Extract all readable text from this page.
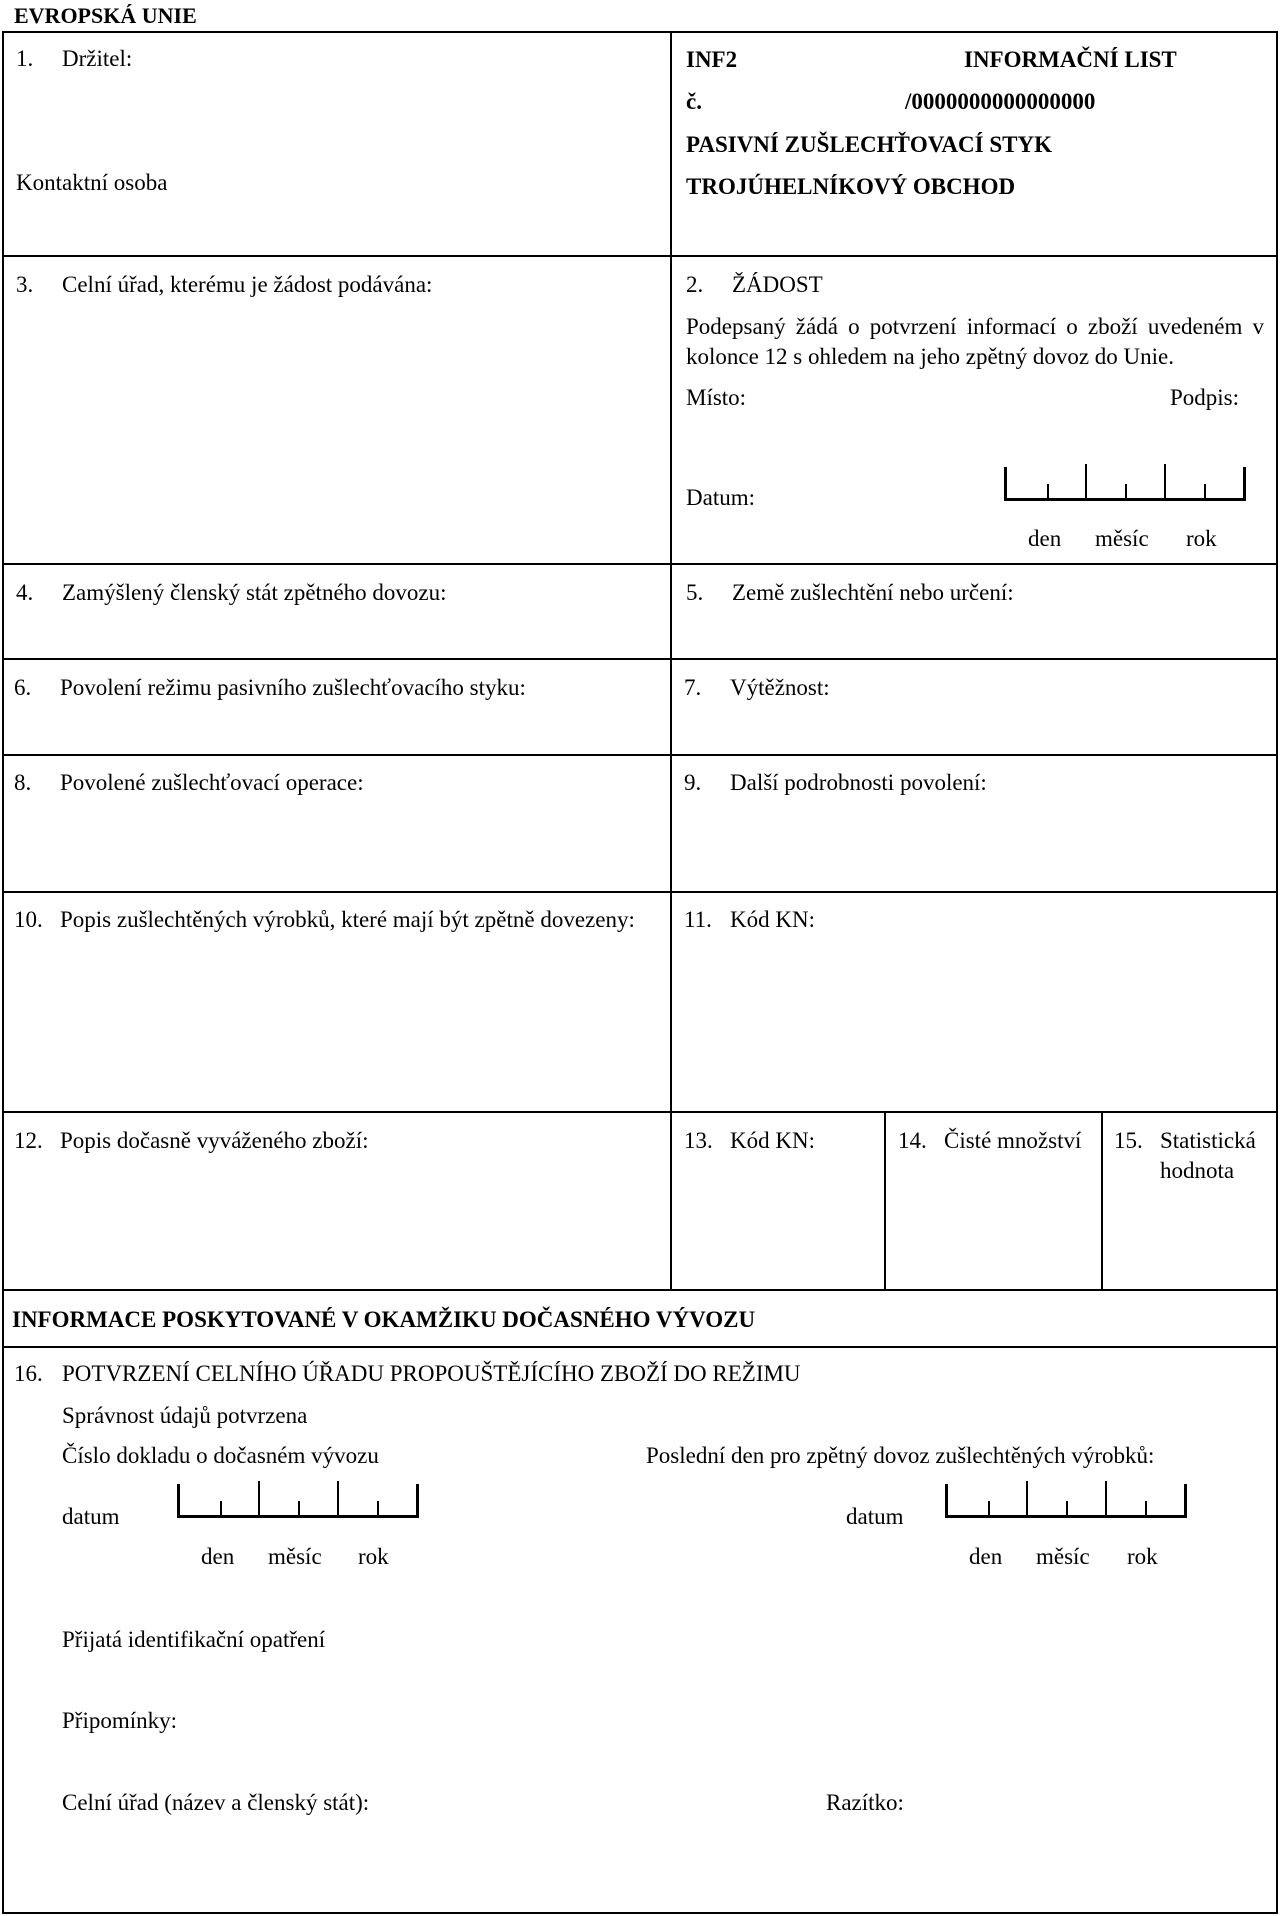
EVROPSKÁ UNIE
1. Držitel:
Kontaktní osoba
INF2	INFORMAČNÍ LIST
č.	/0000000000000000
PASIVNÍ ZUŠLECHŤOVACÍ STYK
TROJÚHELNÍKOVÝ OBCHOD
3. Celní úřad, kterému je žádost podávána:	2. ŽÁDOST
Podepsaný žádá o potvrzení informací o zboží uvedeném v kolonce 12 s ohledem na jeho zpětný dovoz do Unie.
Místo:	Podpis:
Datum:
den měsíc rok
4. Zamýšlený členský stát zpětného dovozu:	5. Země zušlechtění nebo určení:
6. Povolení režimu pasivního zušlechťovacího styku:	7. Výtěžnost:
8. Povolené zušlechťovací operace:	9. Další podrobnosti povolení:
10. Popis zušlechtěných výrobků, které mají být zpětně dovezeny: 11. Kód KN:
12. Popis dočasně vyváženého zboží:	13. Kód KN:	14. Čisté množství 15. Statistická
hodnota
INFORMACE POSKYTOVANÉ V OKAMŽIKU DOČASNÉHO VÝVOZU
16. POTVRZENÍ CELNÍHO ÚŘADU PROPOUŠTĚJÍCÍHO ZBOŽÍ DO REŽIMU
Správnost údajů potvrzena
Číslo dokladu o dočasném vývozu	Poslední den pro zpětný dovoz zušlechtěných výrobků:
datum
den měsíc rok
datum
den měsíc rok
Přijatá identifikační opatření
Připomínky:
Celní úřad (název a členský stát):	Razítko:
